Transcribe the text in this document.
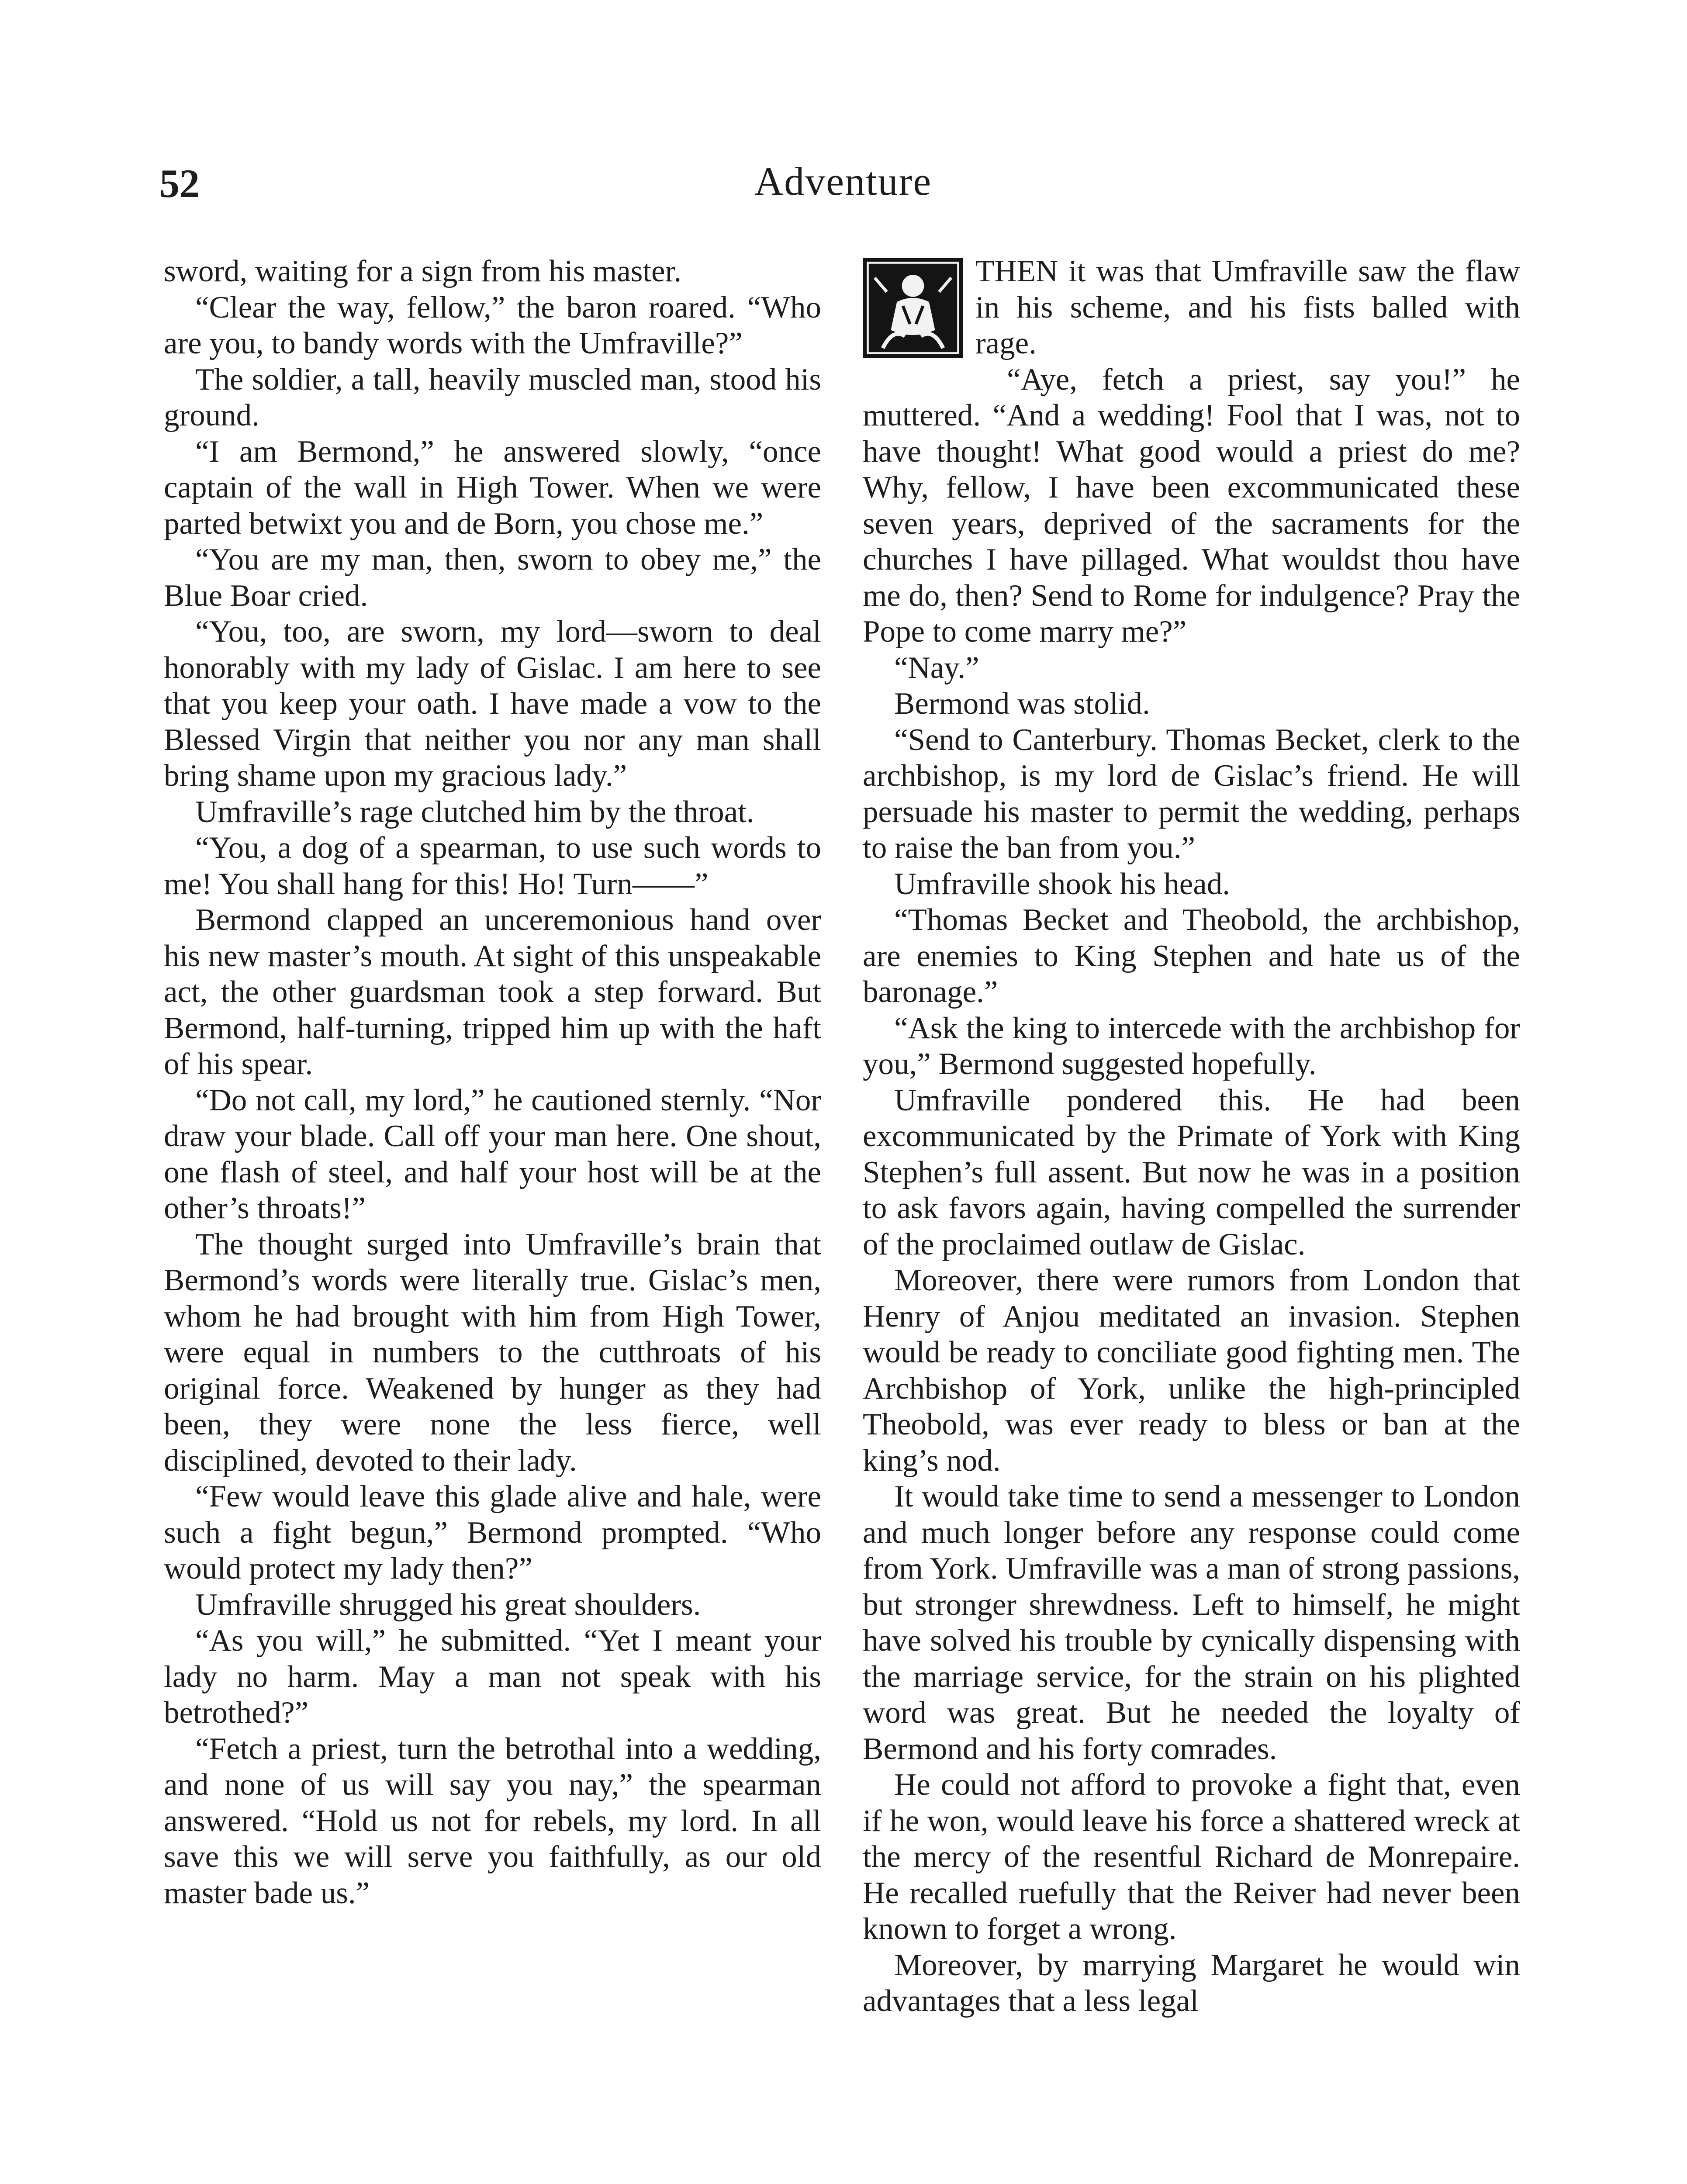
52	Adventure

sword, waiting for a sign from his master.

“Clear the way, fellow,” the baron roared. “Who are you, to bandy words with the Umfraville?”

The soldier, a tall, heavily muscled man, stood his ground.

“I am Bermond,” he answered slowly, “once captain of the wall in High Tower. When we were parted betwixt you and de Born, you chose me.”

“You are my man, then, sworn to obey me,” the Blue Boar cried.

“You, too, are sworn, my lord—sworn to deal honorably with my lady of Gislac. I am here to see that you keep your oath. I have made a vow to the Blessed Virgin that neither you nor any man shall bring shame upon my gracious lady.”

Umfraville’s rage clutched him by the throat.

“You, a dog of a spearman, to use such words to me! You shall hang for this! Ho! Turn——”

Bermond clapped an unceremonious hand over his new master’s mouth. At sight of this unspeakable act, the other guardsman took a step forward. But Bermond, half-turning, tripped him up with the haft of his spear.

“Do not call, my lord,” he cautioned sternly. “Nor draw your blade. Call off your man here. One shout, one flash of steel, and half your host will be at the other’s throats!”

The thought surged into Umfraville’s brain that Bermond’s words were literally true. Gislac’s men, whom he had brought with him from High Tower, were equal in numbers to the cutthroats of his original force. Weakened by hunger as they had been, they were none the less fierce, well disciplined, devoted to their lady.

“Few would leave this glade alive and hale, were such a fight begun,” Bermond prompted. “Who would protect my lady then?”

Umfraville shrugged his great shoulders.

“As you will,” he submitted. “Yet I meant your lady no harm. May a man not speak with his betrothed?”

“Fetch a priest, turn the betrothal into a wedding, and none of us will say you nay,” the spearman answered. “Hold us not for rebels, my lord. In all save this we will serve you faithfully, as our old master bade us.”

THEN it was that Umfraville saw the flaw in his scheme, and his fists balled with rage.

“Aye, fetch a priest, say you!” he muttered. “And a wedding! Fool that I was, not to have thought! What good would a priest do me? Why, fellow, I have been excommunicated these seven years, deprived of the sacraments for the churches I have pillaged. What wouldst thou have me do, then? Send to Rome for indulgence? Pray the Pope to come marry me?”

“Nay.”

Bermond was stolid.

“Send to Canterbury. Thomas Becket, clerk to the archbishop, is my lord de Gislac’s friend. He will persuade his master to permit the wedding, perhaps to raise the ban from you.”

Umfraville shook his head.

“Thomas Becket and Theobold, the archbishop, are enemies to King Stephen and hate us of the baronage.”

“Ask the king to intercede with the archbishop for you,” Bermond suggested hopefully.

Umfraville pondered this. He had been excommunicated by the Primate of York with King Stephen’s full assent. But now he was in a position to ask favors again, having compelled the surrender of the proclaimed outlaw de Gislac.

Moreover, there were rumors from London that Henry of Anjou meditated an invasion. Stephen would be ready to conciliate good fighting men. The Archbishop of York, unlike the high-principled Theobold, was ever ready to bless or ban at the king’s nod.

It would take time to send a messenger to London and much longer before any response could come from York. Umfraville was a man of strong passions, but stronger shrewdness. Left to himself, he might have solved his trouble by cynically dispensing with the marriage service, for the strain on his plighted word was great. But he needed the loyalty of Bermond and his forty comrades.

He could not afford to provoke a fight that, even if he won, would leave his force a shattered wreck at the mercy of the resentful Richard de Monrepaire. He recalled ruefully that the Reiver had never been known to forget a wrong.

Moreover, by marrying Margaret he would win advantages that a less legal
